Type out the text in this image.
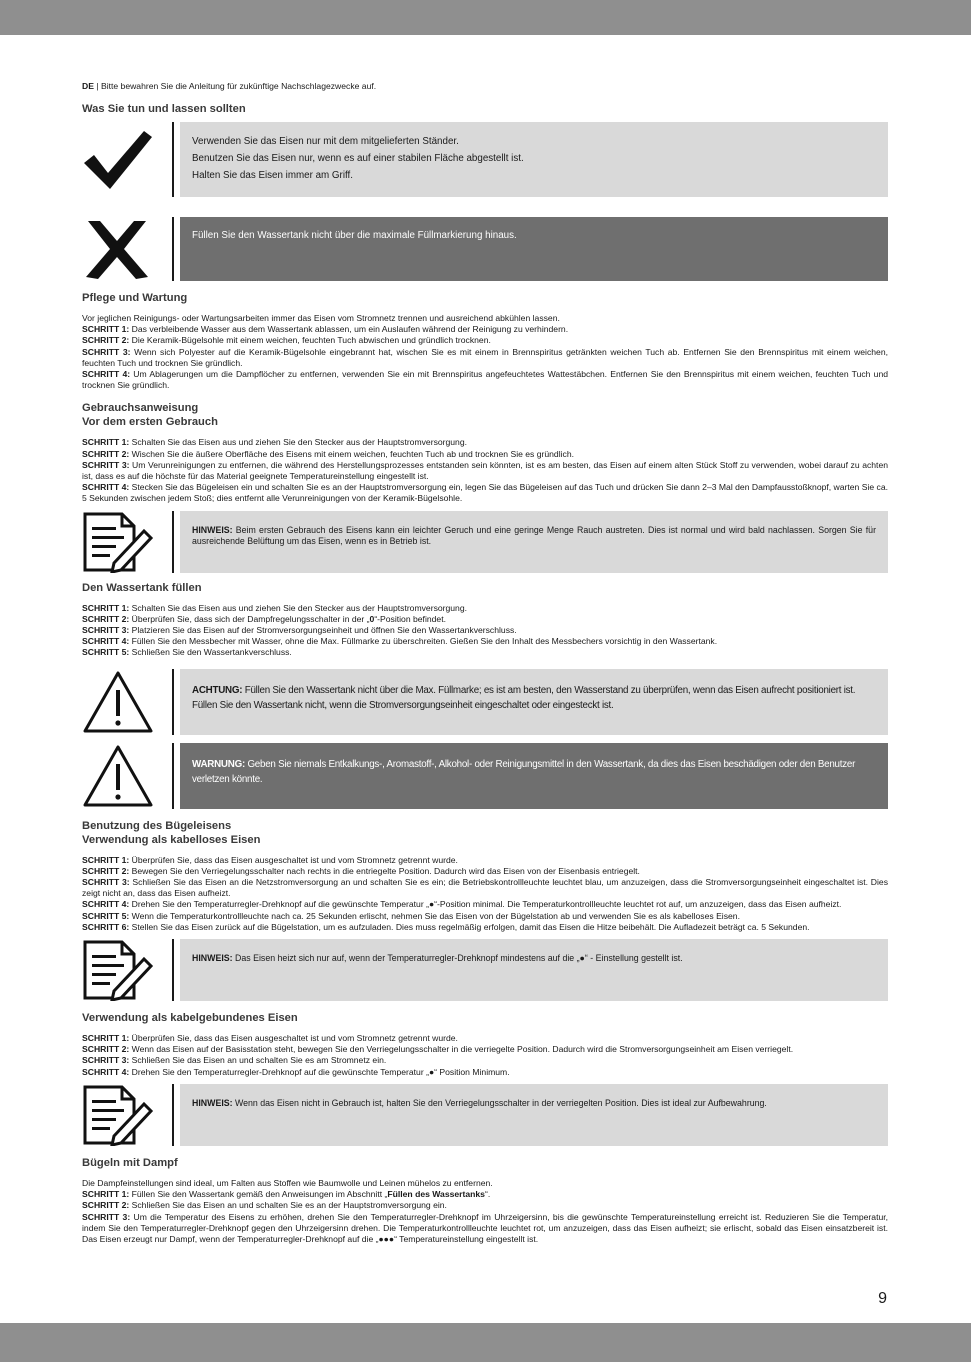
DE | Bitte bewahren Sie die Anleitung für zukünftige Nachschlagezwecke auf.

Was Sie tun und lassen sollten

Verwenden Sie das Eisen nur mit dem mitgelieferten Ständer.

Benutzen Sie das Eisen nur, wenn es auf einer stabilen Fläche abgestellt ist.

Halten Sie das Eisen immer am Griff.

Füllen Sie den Wassertank nicht über die maximale Füllmarkierung hinaus.

Pflege und Wartung

Vor jeglichen Reinigungs- oder Wartungsarbeiten immer das Eisen vom Stromnetz trennen und ausreichend abkühlen lassen.

SCHRITT 1: Das verbleibende Wasser aus dem Wassertank ablassen, um ein Auslaufen während der Reinigung zu verhindern.

SCHRITT 2: Die Keramik-Bügelsohle mit einem weichen, feuchten Tuch abwischen und gründlich trocknen.

SCHRITT 3: Wenn sich Polyester auf die Keramik-Bügelsohle eingebrannt hat, wischen Sie es mit einem in Brennspiritus getränkten weichen Tuch ab. Entfernen Sie den Brennspiritus mit einem weichen, feuchten Tuch und trocknen Sie gründlich.

SCHRITT 4: Um Ablagerungen um die Dampflöcher zu entfernen, verwenden Sie ein mit Brennspiritus angefeuchtetes Wattestäbchen. Entfernen Sie den Brennspiritus mit einem weichen, feuchten Tuch und trocknen Sie gründlich.

Gebrauchsanweisung

Vor dem ersten Gebrauch

SCHRITT 1: Schalten Sie das Eisen aus und ziehen Sie den Stecker aus der Hauptstromversorgung.

SCHRITT 2: Wischen Sie die äußere Oberfläche des Eisens mit einem weichen, feuchten Tuch ab und trocknen Sie es gründlich.

SCHRITT 3: Um Verunreinigungen zu entfernen, die während des Herstellungsprozesses entstanden sein könnten, ist es am besten, das Eisen auf einem alten Stück Stoff zu verwenden, wobei darauf zu achten ist, dass es auf die höchste für das Material geeignete Temperatureinstellung eingestellt ist.

SCHRITT 4: Stecken Sie das Bügeleisen ein und schalten Sie es an der Hauptstromversorgung ein, legen Sie das Bügeleisen auf das Tuch und drücken Sie dann 2–3 Mal den Dampfausstoßknopf, warten Sie ca. 5 Sekunden zwischen jedem Stoß; dies entfernt alle Verunreinigungen von der Keramik-Bügelsohle.

HINWEIS: Beim ersten Gebrauch des Eisens kann ein leichter Geruch und eine geringe Menge Rauch austreten. Dies ist normal und wird bald nachlassen. Sorgen Sie für ausreichende Belüftung um das Eisen, wenn es in Betrieb ist.

Den Wassertank füllen

SCHRITT 1: Schalten Sie das Eisen aus und ziehen Sie den Stecker aus der Hauptstromversorgung.

SCHRITT 2: Überprüfen Sie, dass sich der Dampfregelungsschalter in der „0“-Position befindet.

SCHRITT 3: Platzieren Sie das Eisen auf der Stromversorgungseinheit und öffnen Sie den Wassertankverschluss.

SCHRITT 4: Füllen Sie den Messbecher mit Wasser, ohne die Max. Füllmarke zu überschreiten. Gießen Sie den Inhalt des Messbechers vorsichtig in den Wassertank.

SCHRITT 5: Schließen Sie den Wassertankverschluss.

ACHTUNG: Füllen Sie den Wassertank nicht über die Max. Füllmarke; es ist am besten, den Wasserstand zu überprüfen, wenn das Eisen aufrecht positioniert ist. Füllen Sie den Wassertank nicht, wenn die Stromversorgungseinheit eingeschaltet oder eingesteckt ist.
WARNUNG: Geben Sie niemals Entkalkungs-, Aromastoff-, Alkohol- oder Reinigungsmittel in den Wassertank, da dies das Eisen beschädigen oder den Benutzer verletzen könnte.

Benutzung des Bügeleisens

Verwendung als kabelloses Eisen

SCHRITT 1: Überprüfen Sie, dass das Eisen ausgeschaltet ist und vom Stromnetz getrennt wurde.

SCHRITT 2: Bewegen Sie den Verriegelungsschalter nach rechts in die entriegelte Position. Dadurch wird das Eisen von der Eisenbasis entriegelt.

SCHRITT 3: Schließen Sie das Eisen an die Netzstromversorgung an und schalten Sie es ein; die Betriebskontrollleuchte leuchtet blau, um anzuzeigen, dass die Stromversorgungseinheit eingeschaltet ist. Dies zeigt nicht an, dass das Eisen aufheizt.

SCHRITT 4: Drehen Sie den Temperaturregler-Drehknopf auf die gewünschte Temperatur „●“-Position minimal. Die Temperaturkontrollleuchte leuchtet rot auf, um anzuzeigen, dass das Eisen aufheizt.

SCHRITT 5: Wenn die Temperaturkontrollleuchte nach ca. 25 Sekunden erlischt, nehmen Sie das Eisen von der Bügelstation ab und verwenden Sie es als kabelloses Eisen.

SCHRITT 6: Stellen Sie das Eisen zurück auf die Bügelstation, um es aufzuladen. Dies muss regelmäßig erfolgen, damit das Eisen die Hitze beibehält. Die Aufladezeit beträgt ca. 5 Sekunden.

HINWEIS: Das Eisen heizt sich nur auf, wenn der Temperaturregler-Drehknopf mindestens auf die „●“ - Einstellung gestellt ist.

Verwendung als kabelgebundenes Eisen

SCHRITT 1: Überprüfen Sie, dass das Eisen ausgeschaltet ist und vom Stromnetz getrennt wurde.

SCHRITT 2: Wenn das Eisen auf der Basisstation steht, bewegen Sie den Verriegelungsschalter in die verriegelte Position. Dadurch wird die Stromversorgungseinheit am Eisen verriegelt.

SCHRITT 3: Schließen Sie das Eisen an und schalten Sie es am Stromnetz ein.

SCHRITT 4: Drehen Sie den Temperaturregler-Drehknopf auf die gewünschte Temperatur „●“ Position Minimum.

HINWEIS: Wenn das Eisen nicht in Gebrauch ist, halten Sie den Verriegelungsschalter in der verriegelten Position. Dies ist ideal zur Aufbewahrung.

Bügeln mit Dampf

Die Dampfeinstellungen sind ideal, um Falten aus Stoffen wie Baumwolle und Leinen mühelos zu entfernen.

SCHRITT 1: Füllen Sie den Wassertank gemäß den Anweisungen im Abschnitt „Füllen des Wassertanks“.

SCHRITT 2: Schließen Sie das Eisen an und schalten Sie es an der Hauptstromversorgung ein.

SCHRITT 3: Um die Temperatur des Eisens zu erhöhen, drehen Sie den Temperaturregler-Drehknopf im Uhrzeigersinn, bis die gewünschte Temperatureinstellung erreicht ist. Reduzieren Sie die Temperatur, indem Sie den Temperaturregler-Drehknopf gegen den Uhrzeigersinn drehen. Die Temperaturkontrollleuchte leuchtet rot, um anzuzeigen, dass das Eisen aufheizt; sie erlischt, sobald das Eisen einsatzbereit ist. Das Eisen erzeugt nur Dampf, wenn der Temperaturregler-Drehknopf auf die „●●●“ Temperatureinstellung eingestellt ist.

9
